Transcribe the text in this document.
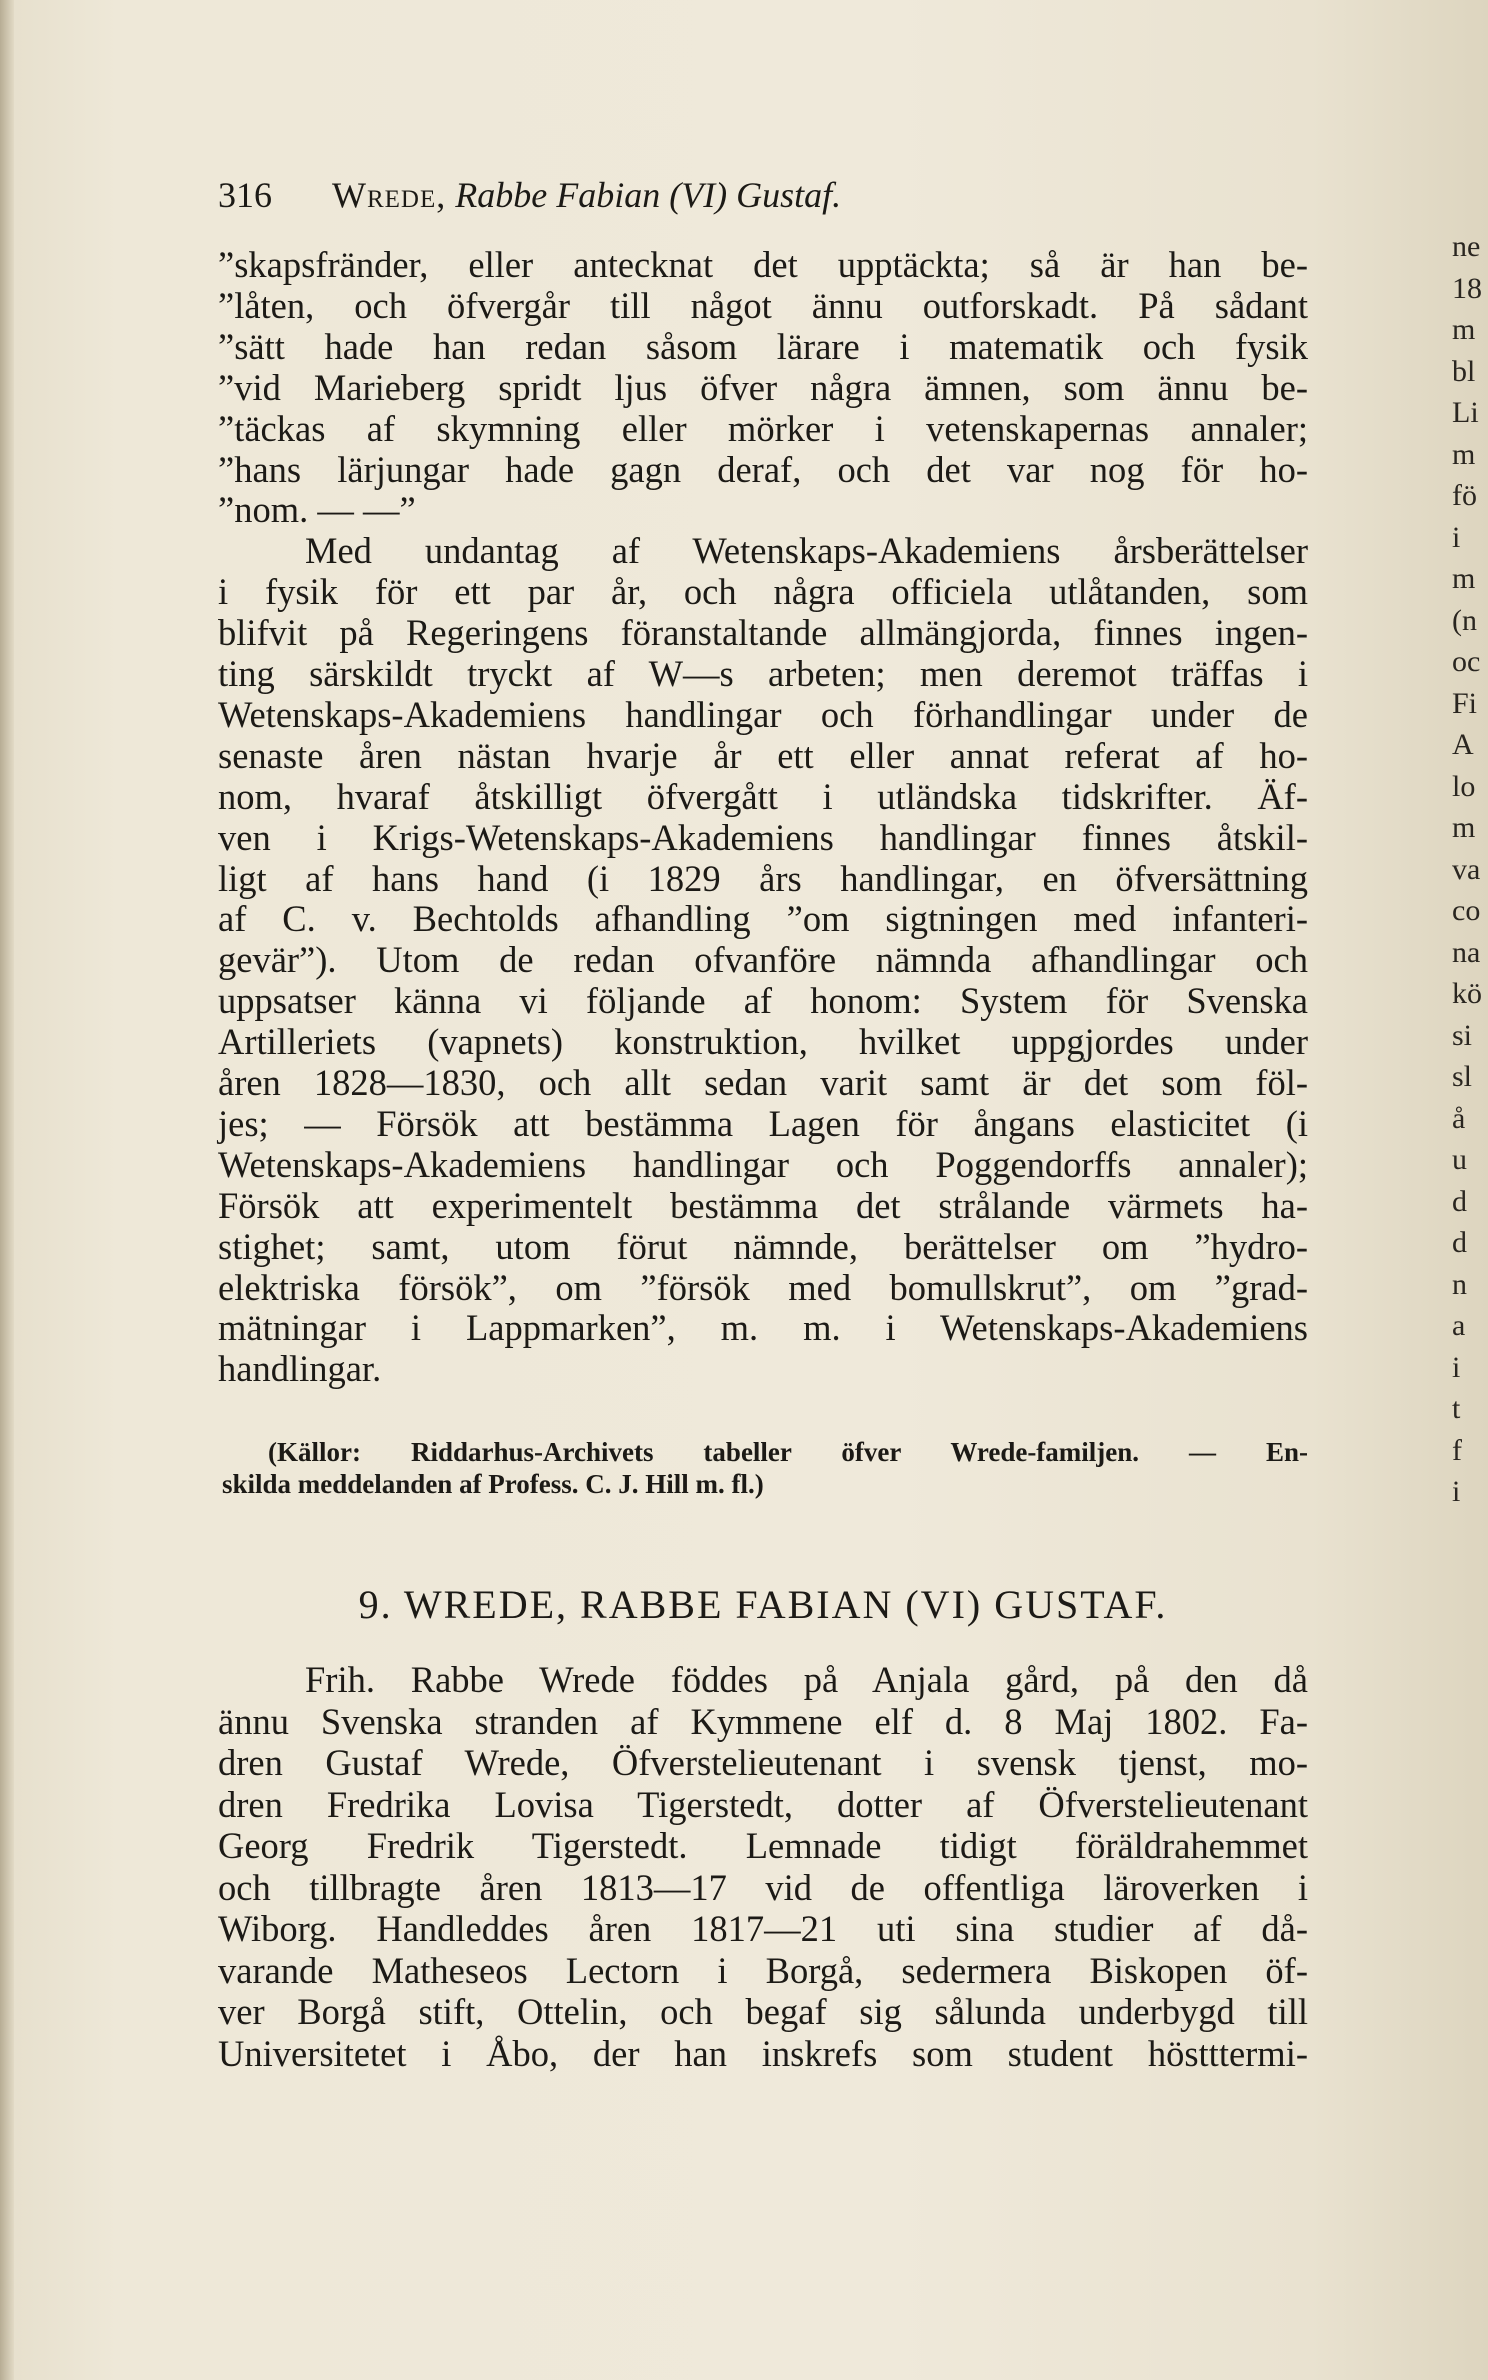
316 Wrede, Rabbe Fabian (VI) Gustaf.
”skapsfränder, eller antecknat det upptäckta; så är han be-
”låten, och öfvergår till något ännu outforskadt. På sådant
”sätt hade han redan såsom lärare i matematik och fysik
”vid Marieberg spridt ljus öfver några ämnen, som ännu be-
”täckas af skymning eller mörker i vetenskapernas annaler;
”hans lärjungar hade gagn deraf, och det var nog för ho-
”nom. — —”
Med undantag af Wetenskaps-Akademiens årsberättelser
i fysik för ett par år, och några officiela utlåtanden, som
blifvit på Regeringens föranstaltande allmängjorda, finnes ingen-
ting särskildt tryckt af W—s arbeten; men deremot träffas i
Wetenskaps-Akademiens handlingar och förhandlingar under de
senaste åren nästan hvarje år ett eller annat referat af ho-
nom, hvaraf åtskilligt öfvergått i utländska tidskrifter. Äf-
ven i Krigs-Wetenskaps-Akademiens handlingar finnes åtskil-
ligt af hans hand (i 1829 års handlingar, en öfversättning
af C. v. Bechtolds afhandling ”om sigtningen med infanteri-
gevär”). Utom de redan ofvanföre nämnda afhandlingar och
uppsatser känna vi följande af honom: System för Svenska
Artilleriets (vapnets) konstruktion, hvilket uppgjordes under
åren 1828—1830, och allt sedan varit samt är det som föl-
jes; — Försök att bestämma Lagen för ångans elasticitet (i
Wetenskaps-Akademiens handlingar och Poggendorffs annaler);
Försök att experimentelt bestämma det strålande värmets ha-
stighet; samt, utom förut nämnde, berättelser om ”hydro-
elektriska försök”, om ”försök med bomullskrut”, om ”grad-
mätningar i Lappmarken”, m. m. i Wetenskaps-Akademiens
handlingar.
(Källor: Riddarhus-Archivets tabeller öfver Wrede-familjen. — En-
skilda meddelanden af Profess. C. J. Hill m. fl.)
9. WREDE, RABBE FABIAN (VI) GUSTAF.
Frih. Rabbe Wrede föddes på Anjala gård, på den då
ännu Svenska stranden af Kymmene elf d. 8 Maj 1802. Fa-
dren Gustaf Wrede, Öfverstelieutenant i svensk tjenst, mo-
dren Fredrika Lovisa Tigerstedt, dotter af Öfverstelieutenant
Georg Fredrik Tigerstedt. Lemnade tidigt föräldrahemmet
och tillbragte åren 1813—17 vid de offentliga läroverken i
Wiborg. Handleddes åren 1817—21 uti sina studier af då-
varande Matheseos Lectorn i Borgå, sedermera Biskopen öf-
ver Borgå stift, Ottelin, och begaf sig sålunda underbygd till
Universitetet i Åbo, der han inskrefs som student höstttermi-
ne
18
m
bl
Li
m
fö
i
m
(n
oc
Fi
A
lo
m
va
co
na
kö
si
sl
å
u
d
d
n
a
i
t
f
i
